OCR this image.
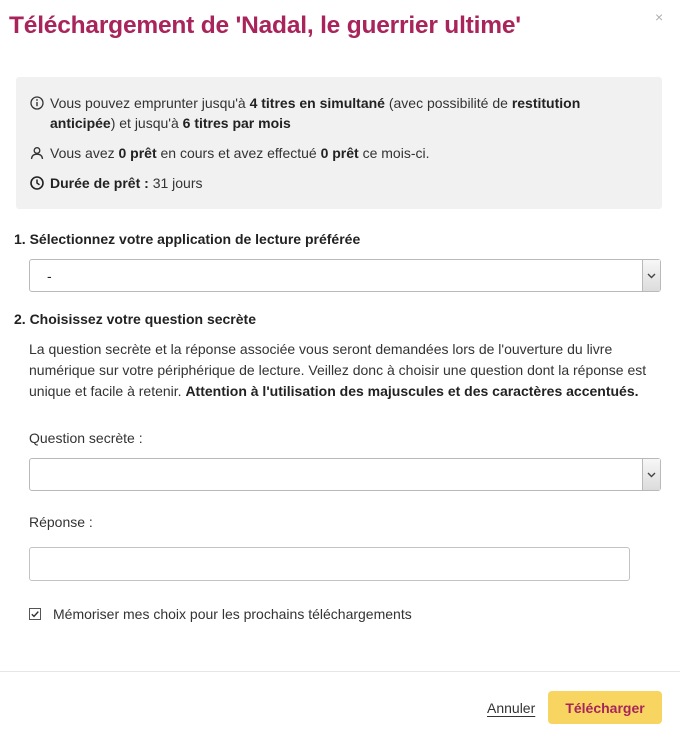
Téléchargement de 'Nadal, le guerrier ultime'	×
Vous pouvez emprunter jusqu'à 4 titres en simultané (avec possibilité de restitution anticipée) et jusqu'à 6 titres par mois
Vous avez 0 prêt en cours et avez effectué 0 prêt ce mois-ci.
Durée de prêt : 31 jours
1. Sélectionnez votre application de lecture préférée
-
2. Choisissez votre question secrète
La question secrète et la réponse associée vous seront demandées lors de l'ouverture du livre numérique sur votre périphérique de lecture. Veillez donc à choisir une question dont la réponse est unique et facile à retenir. Attention à l'utilisation des majuscules et des caractères accentués.
Question secrète :
Réponse :
Mémoriser mes choix pour les prochains téléchargements
Annuler	Télécharger
